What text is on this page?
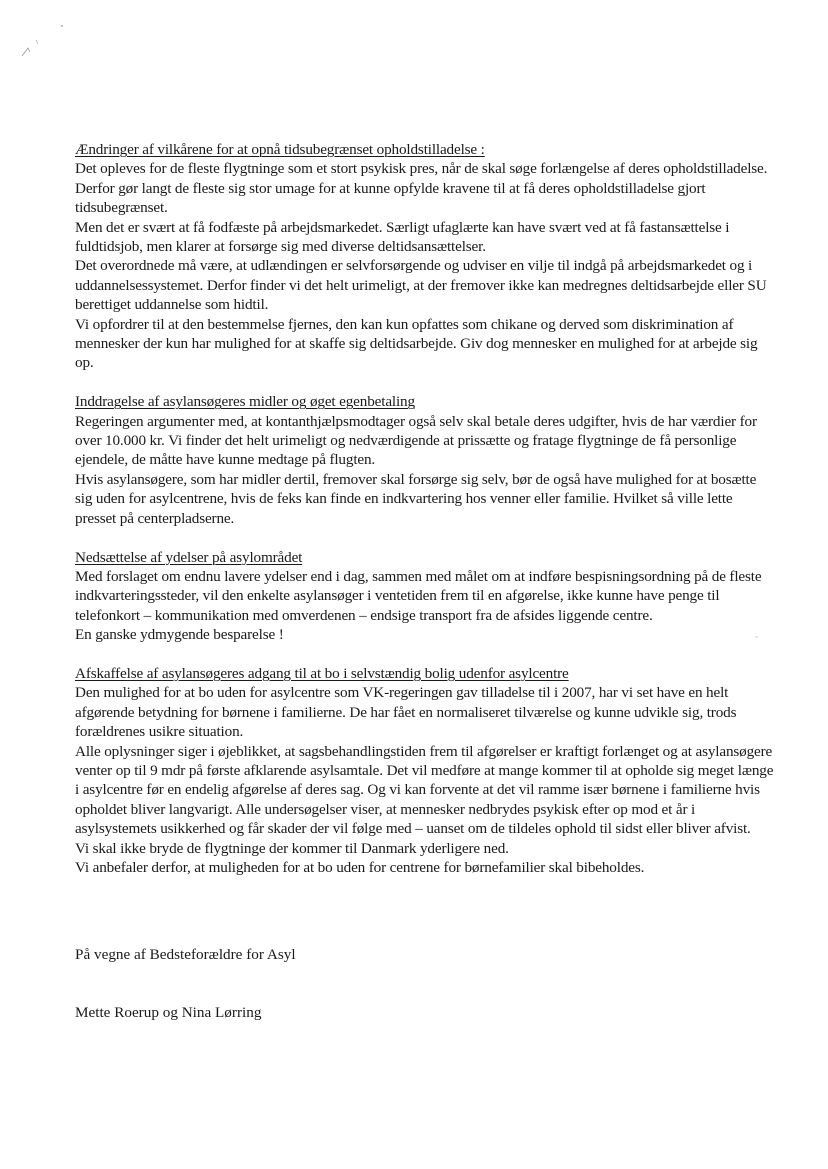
Ændringer af vilkårene for at opnå tidsubegrænset opholdstilladelse :
Det opleves for de fleste flygtninge som et stort psykisk pres, når de skal søge forlængelse af deres opholdstilladelse. Derfor gør langt de fleste sig stor umage for at kunne opfylde kravene til at få deres opholdstilladelse gjort tidsubegrænset.
Men det er svært at få fodfæste på arbejdsmarkedet. Særligt ufaglærte kan have svært ved at få fastansættelse i fuldtidsjob, men klarer at forsørge sig med diverse deltidsansættelser.
Det overordnede må være, at udlændingen er selvforsørgende og udviser en vilje til indgå på arbejdsmarkedet og i uddannelsessystemet. Derfor finder vi det helt urimeligt, at der fremover ikke kan medregnes deltidsarbejde eller SU berettiget uddannelse som hidtil.
Vi opfordrer til at den bestemmelse fjernes, den kan kun opfattes som chikane og derved som diskrimination af mennesker der kun har mulighed for at skaffe sig deltidsarbejde. Giv dog mennesker en mulighed for at arbejde sig op.
Inddragelse af asylansøgeres midler og øget egenbetaling
Regeringen argumenter med, at kontanthjælpsmodtager også selv skal betale deres udgifter, hvis de har værdier for over 10.000 kr. Vi finder det helt urimeligt og nedværdigende at prissætte og fratage flygtninge de få personlige ejendele, de måtte have kunne medtage på flugten.
Hvis asylansøgere, som har midler dertil, fremover skal forsørge sig selv, bør de også have mulighed for at bosætte sig uden for asylcentrene, hvis de feks kan finde en indkvartering hos venner eller familie. Hvilket så ville lette presset på centerpladserne.
Nedsættelse af ydelser på asylområdet
Med forslaget om endnu lavere ydelser end i dag, sammen med målet om at indføre bespisningsordning på de fleste indkvarteringssteder, vil den enkelte asylansøger i ventetiden frem til en afgørelse, ikke kunne have penge til telefonkort – kommunikation med omverdenen – endsige transport fra de afsides liggende centre.
En ganske ydmygende besparelse !
Afskaffelse af asylansøgeres adgang til at bo i selvstændig bolig udenfor asylcentre
Den mulighed for at bo uden for asylcentre som VK-regeringen gav tilladelse til i 2007, har vi set have en helt afgørende betydning for børnene i familierne. De har fået en normaliseret tilværelse og kunne udvikle sig, trods forældrenes usikre situation.
Alle oplysninger siger i øjeblikket, at sagsbehandlingstiden frem til afgørelser er kraftigt forlænget og at asylansøgere venter op til 9 mdr på første afklarende asylsamtale. Det vil medføre at mange kommer til at opholde sig meget længe i asylcentre før en endelig afgørelse af deres sag. Og vi kan forvente at det vil ramme især børnene i familierne hvis opholdet bliver langvarigt. Alle undersøgelser viser, at mennesker nedbrydes psykisk efter op mod et år i asylsystemets usikkerhed og får skader der vil følge med – uanset om de tildeles ophold til sidst eller bliver afvist.
Vi skal ikke bryde de flygtninge der kommer til Danmark yderligere ned.
Vi anbefaler derfor, at muligheden for at bo uden for centrene for børnefamilier skal bibeholdes.
På vegne af Bedsteforældre for Asyl
Mette Roerup og Nina Lørring
